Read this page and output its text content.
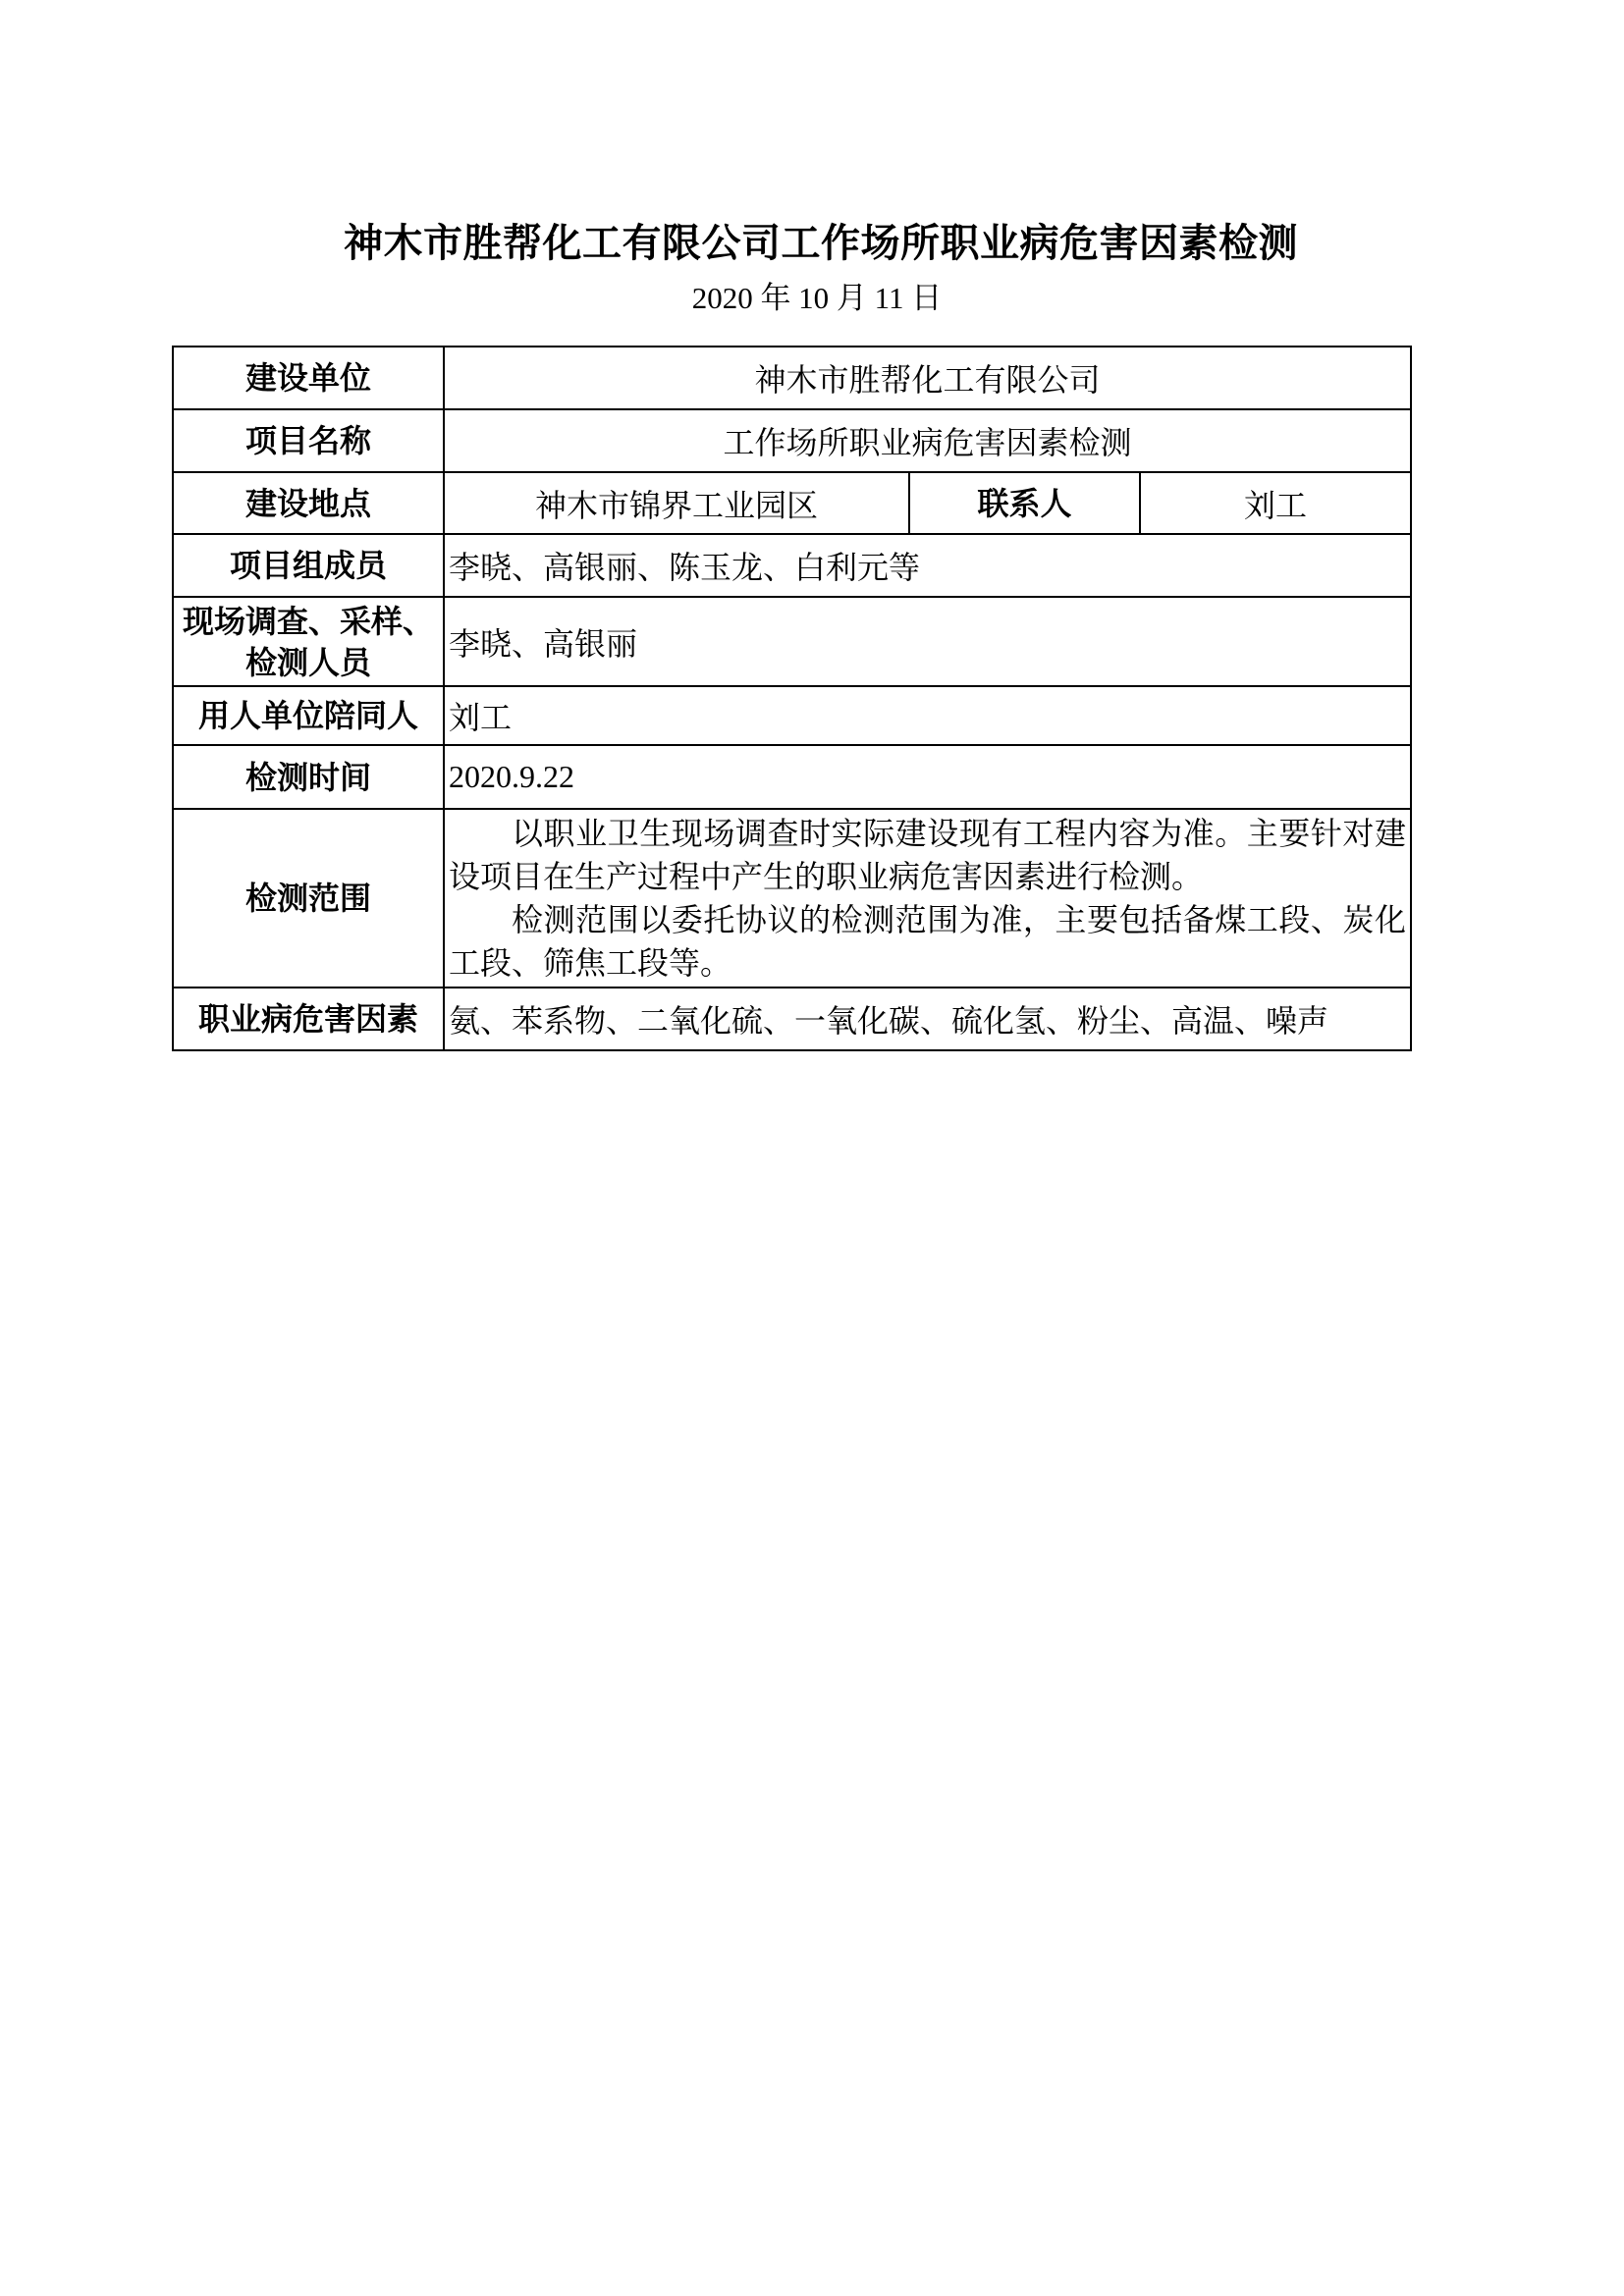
神木市胜帮化工有限公司工作场所职业病危害因素检测
2020 年 10 月 11 日
建设单位	神木市胜帮化工有限公司		
项目名称	工作场所职业病危害因素检测		
建设地点	神木市锦界工业园区	联系人	刘工
项目组成员	李晓、高银丽、陈玉龙、白利元等		
现场调查、采样、检测人员	李晓、高银丽		
用人单位陪同人	刘工		
检测时间	2020.9.22		
检测范围	以职业卫生现场调查时实际建设现有工程内容为准。主要针对建设项目在生产过程中产生的职业病危害因素进行检测。

检测范围以委托协议的检测范围为准，主要包括备煤工段、炭化工段、筛焦工段等。		

职业病危害因素	氨、苯系物、二氧化硫、一氧化碳、硫化氢、粉尘、高温、噪声		
